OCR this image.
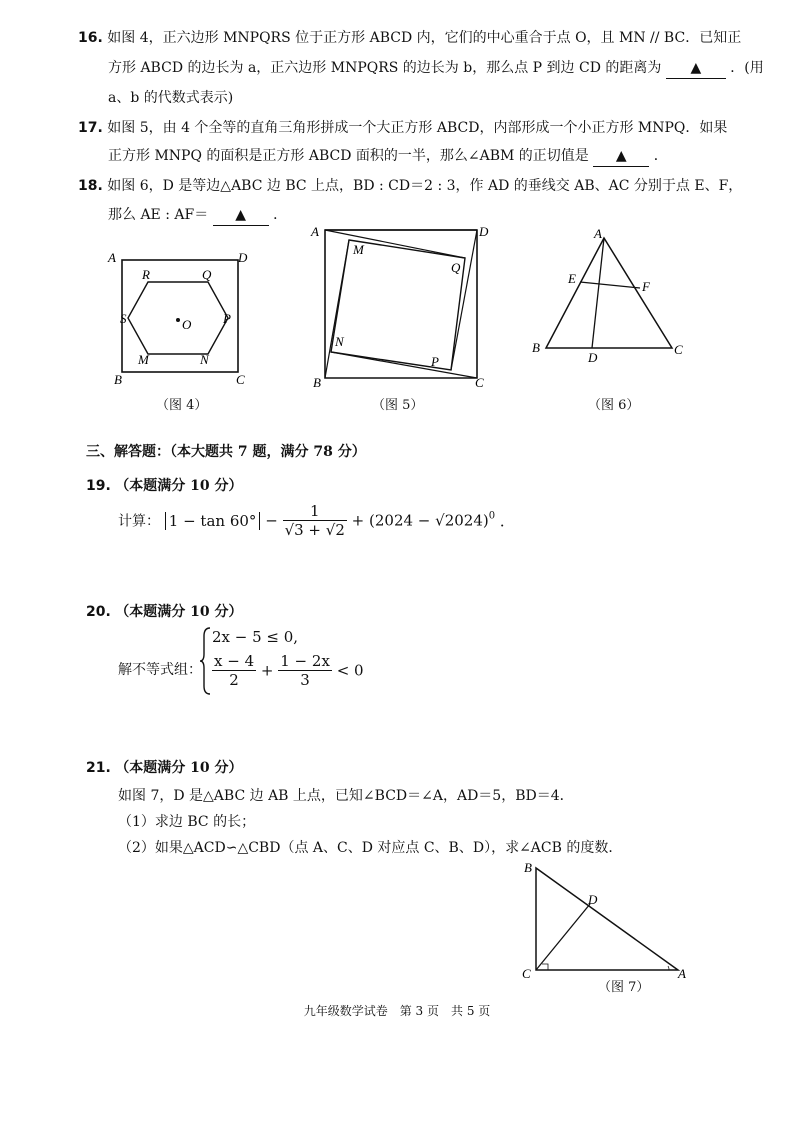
16. 如图 4，正六边形 MNPQRS 位于正方形 ABCD 内，它们的中心重合于点 O，且 MN // BC．已知正
方形 ABCD 的边长为 a，正六边形 MNPQRS 的边长为 b，那么点 P 到边 CD 的距离为 ▲ ．(用
a、b 的代数式表示)
17. 如图 5，由 4 个全等的直角三角形拼成一个大正方形 ABCD，内部形成一个小正方形 MNPQ．如果
正方形 MNPQ 的面积是正方形 ABCD 面积的一半，那么∠ABM 的正切值是 ▲ ．
18. 如图 6，D 是等边△ABC 边 BC 上点，BD : CD＝2 : 3，作 AD 的垂线交 AB、AC 分别于点 E、F，
那么 AE : AF＝ ▲ ．
A	D
B	C
R	Q
S	P
O
M	N
（图 4）
A	D
B	C
M
Q
N
P
（图 5）
A
E
F
B
D
C
（图 6）
三、解答题：（本大题共 7 题，满分 78 分）
19. （本题满分 10 分）
计算： $1 - \tan 60^\circ - \frac{1}{√3 + √2} + (2024 - √2024)^0$ ．
20. （本题满分 10 分）
解不等式组：
2x − 5 ≤ 0,
$\frac{x - 4}{2} + \frac{1 - 2x}{3} < 0$
21. （本题满分 10 分）
如图 7，D 是△ABC 边 AB 上点，已知∠BCD＝∠A，AD＝5，BD＝4．
（1）求边 BC 的长；
（2）如果△ACD∽△CBD（点 A、C、D 对应点 C、B、D），求∠ACB 的度数．
B
D
C	A
（图 7）
九年级数学试卷　第 3 页　共 5 页
